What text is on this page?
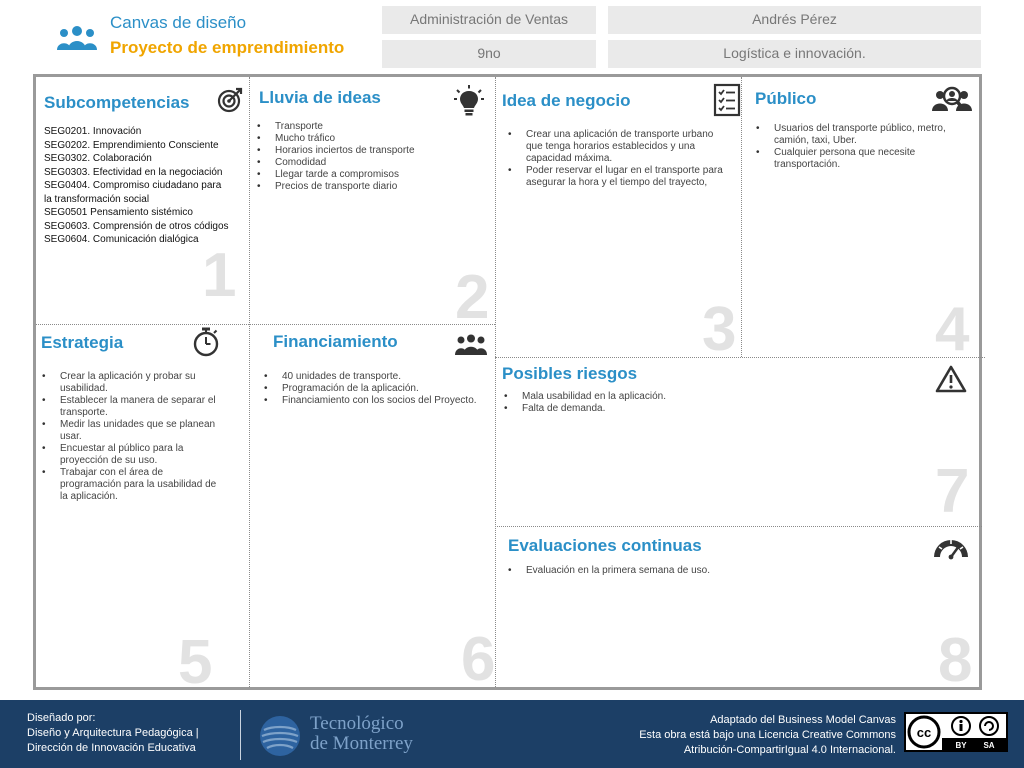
Canvas de diseño
Proyecto de emprendimiento
Administración de Ventas	Andrés Pérez
9no	Logística e innovación.
1	2	3	4
5	6
7
8
Subcompetencias
SEG0201. Innovación
SEG0202. Emprendimiento Consciente
SEG0302. Colaboración
SEG0303. Efectividad en la negociación
SEG0404. Compromiso ciudadano para
la transformación social
SEG0501 Pensamiento sistémico
SEG0603. Comprensión de otros códigos
SEG0604. Comunicación dialógica
Lluvia de ideas
• Transporte
• Mucho tráfico
• Horarios inciertos de transporte
• Comodidad
• Llegar tarde a compromisos
• Precios de transporte diario
Idea de negocio
• Crear una aplicación de transporte urbano que tenga horarios establecidos y una capacidad máxima.
• Poder reservar el lugar en el transporte para asegurar la hora y el tiempo del trayecto,
Público
• Usuarios del transporte público, metro, camión, taxi, Uber.
• Cualquier persona que necesite transportación.
Estrategia
• Crear la aplicación y probar su usabilidad.
• Establecer la manera de separar el transporte.
• Medir las unidades que se planean usar.
• Encuestar al público para la proyección de su uso.
• Trabajar con el área de programación para la usabilidad de la aplicación.
Financiamiento
• 40 unidades de transporte.
• Programación de la aplicación.
• Financiamiento con los socios del Proyecto.
Posibles riesgos
• Mala usabilidad en la aplicación.
• Falta de demanda.
Evaluaciones continuas
• Evaluación en la primera semana de uso.
Diseñado por:
Diseño y Arquitectura Pedagógica |
Dirección de Innovación Educativa
Tecnológico
de Monterrey
Adaptado del Business Model Canvas
Esta obra está bajo una Licencia Creative Commons
Atribución-CompartirIgual 4.0 Internacional.
cc
BY SA
